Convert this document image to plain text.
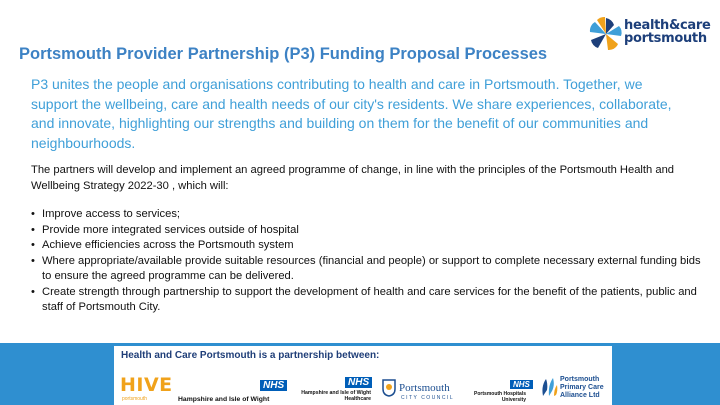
health&care
portsmouth
Portsmouth Provider Partnership (P3) Funding Proposal Processes
P3 unites the people and organisations contributing to health and care in Portsmouth. Together, we support the wellbeing, care and health needs of our city's residents. We share experiences, collaborate, and innovate, highlighting our strengths and building on them for the benefit of our communities and neighbourhoods.
The partners will develop and implement an agreed programme of change, in line with the principles of the Portsmouth Health and Wellbeing Strategy 2022-30 , which will:
• Improve access to services;
• Provide more integrated services outside of hospital
• Achieve efficiencies across the Portsmouth system
• Where appropriate/available provide suitable resources (financial and people) or support to complete necessary external funding bids to ensure the agreed programme can be delivered.
• Create strength through partnership to support the development of health and care services for the benefit of the patients, public and staff of Portsmouth City.
Health and Care Portsmouth is a partnership between:
HIVE
portsmouth
NHS
Hampshire and Isle of Wight
NHS
Hampshire and Isle of Wight Healthcare
Portsmouth
CITY COUNCIL
NHS
Portsmouth Hospitals University
Portsmouth Primary Care Alliance Ltd
